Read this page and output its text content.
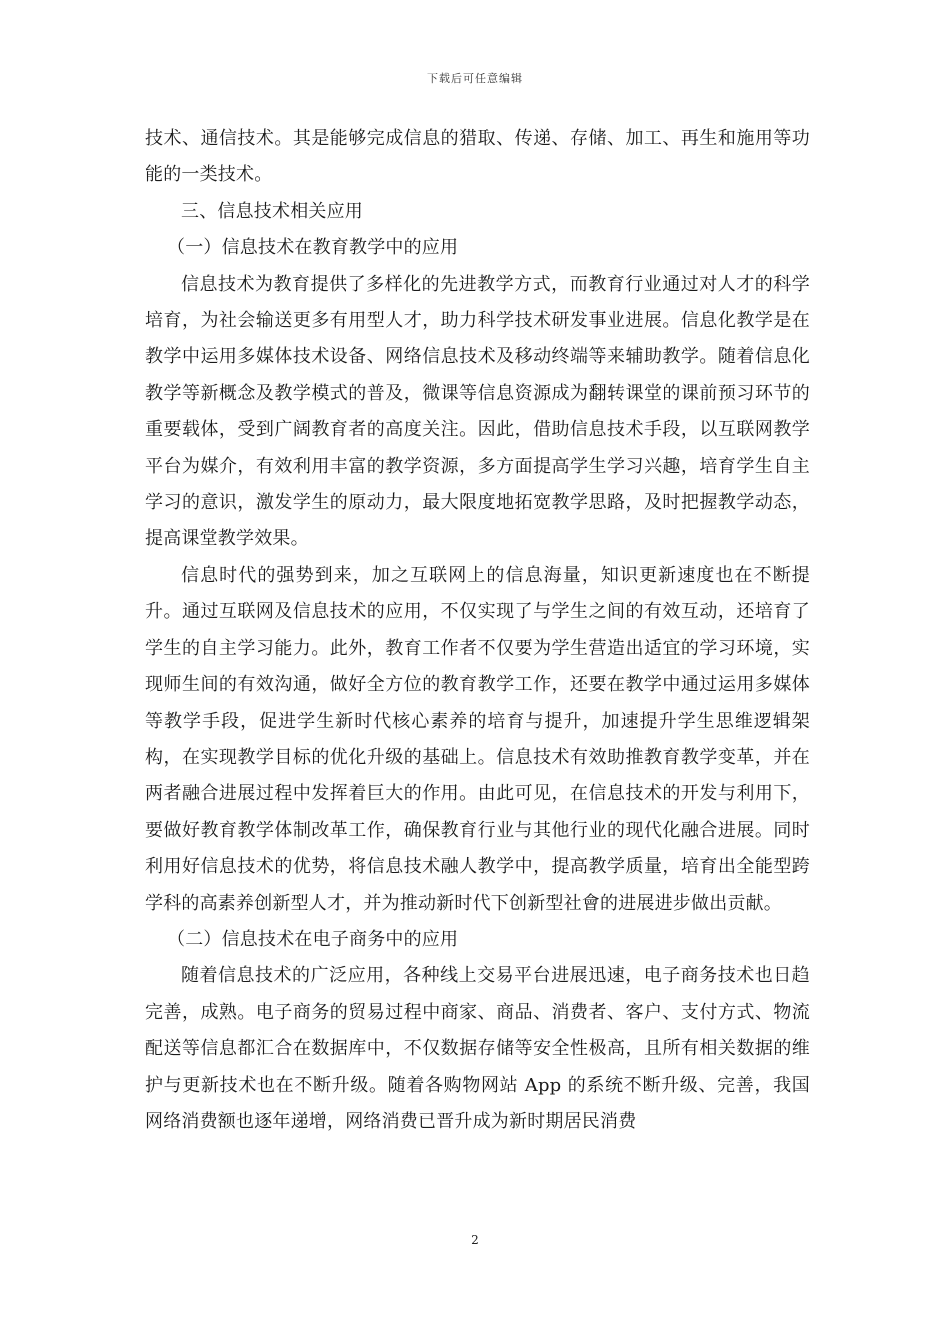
下载后可任意编辑

技术、通信技术。其是能够完成信息的猎取、传递、存储、加工、再生和施用等功能的一类技术。

三、信息技术相关应用

（一）信息技术在教育教学中的应用

信息技术为教育提供了多样化的先进教学方式，而教育行业通过对人才的科学培育，为社会输送更多有用型人才，助力科学技术研发事业进展。信息化教学是在教学中运用多媒体技术设备、网络信息技术及移动终端等来辅助教学。随着信息化教学等新概念及教学模式的普及，微课等信息资源成为翻转课堂的课前预习环节的重要载体，受到广阔教育者的高度关注。因此，借助信息技术手段，以互联网教学平台为媒介，有效利用丰富的教学资源，多方面提高学生学习兴趣，培育学生自主学习的意识，激发学生的原动力，最大限度地拓宽教学思路，及时把握教学动态，提高课堂教学效果。

信息时代的强势到来，加之互联网上的信息海量，知识更新速度也在不断提升。通过互联网及信息技术的应用，不仅实现了与学生之间的有效互动，还培育了学生的自主学习能力。此外，教育工作者不仅要为学生营造出适宜的学习环境，实现师生间的有效沟通，做好全方位的教育教学工作，还要在教学中通过运用多媒体等教学手段，促进学生新时代核心素养的培育与提升，加速提升学生思维逻辑架构，在实现教学目标的优化升级的基础上。信息技术有效助推教育教学变革，并在两者融合进展过程中发挥着巨大的作用。由此可见，在信息技术的开发与利用下，要做好教育教学体制改革工作，确保教育行业与其他行业的现代化融合进展。同时利用好信息技术的优势，将信息技术融人教学中，提高教学质量，培育出全能型跨学科的高素养创新型人才，并为推动新时代下创新型社會的进展进步做出贡献。

（二）信息技术在电子商务中的应用

随着信息技术的广泛应用，各种线上交易平台进展迅速，电子商务技术也日趋完善，成熟。电子商务的贸易过程中商家、商品、消费者、客户、支付方式、物流配送等信息都汇合在数据库中，不仅数据存储等安全性极高，且所有相关数据的维护与更新技术也在不断升级。随着各购物网站 App 的系统不断升级、完善，我国网络消费额也逐年递增，网络消费已晋升成为新时期居民消费

2
